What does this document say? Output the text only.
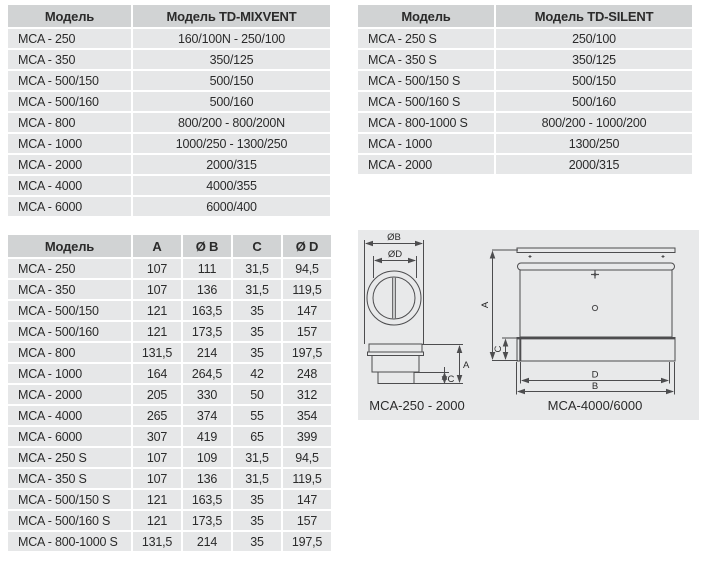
Модель	Модель TD-MIXVENT
MCA - 250	160/100N - 250/100
MCA - 350	350/125
MCA - 500/150	500/150
MCA - 500/160	500/160
MCA - 800	800/200 - 800/200N
MCA - 1000	1000/250 - 1300/250
MCA - 2000	2000/315
MCA - 4000	4000/355
MCA - 6000	6000/400
Модель	Модель TD-SILENT
MCA - 250 S	250/100
MCA - 350 S	350/125
MCA - 500/150 S	500/150
MCA - 500/160 S	500/160
MCA - 800-1000 S	800/200 - 1000/200
MCA - 1000	1300/250
MCA - 2000	2000/315
Модель	A	Ø B	C	Ø D
MCA - 250	107	111	31,5	94,5
MCA - 350	107	136	31,5	119,5
MCA - 500/150	121	163,5	35	147
MCA - 500/160	121	173,5	35	157
MCA - 800	131,5	214	35	197,5
MCA - 1000	164	264,5	42	248
MCA - 2000	205	330	50	312
MCA - 4000	265	374	55	354
MCA - 6000	307	419	65	399
MCA - 250 S	107	109	31,5	94,5
MCA - 350 S	107	136	31,5	119,5
MCA - 500/150 S	121	163,5	35	147
MCA - 500/160 S	121	173,5	35	157
MCA - 800-1000 S	131,5	214	35	197,5
ØB
ØD
A
C
MCA-250 - 2000
A
C
D
B
MCA-4000/6000
